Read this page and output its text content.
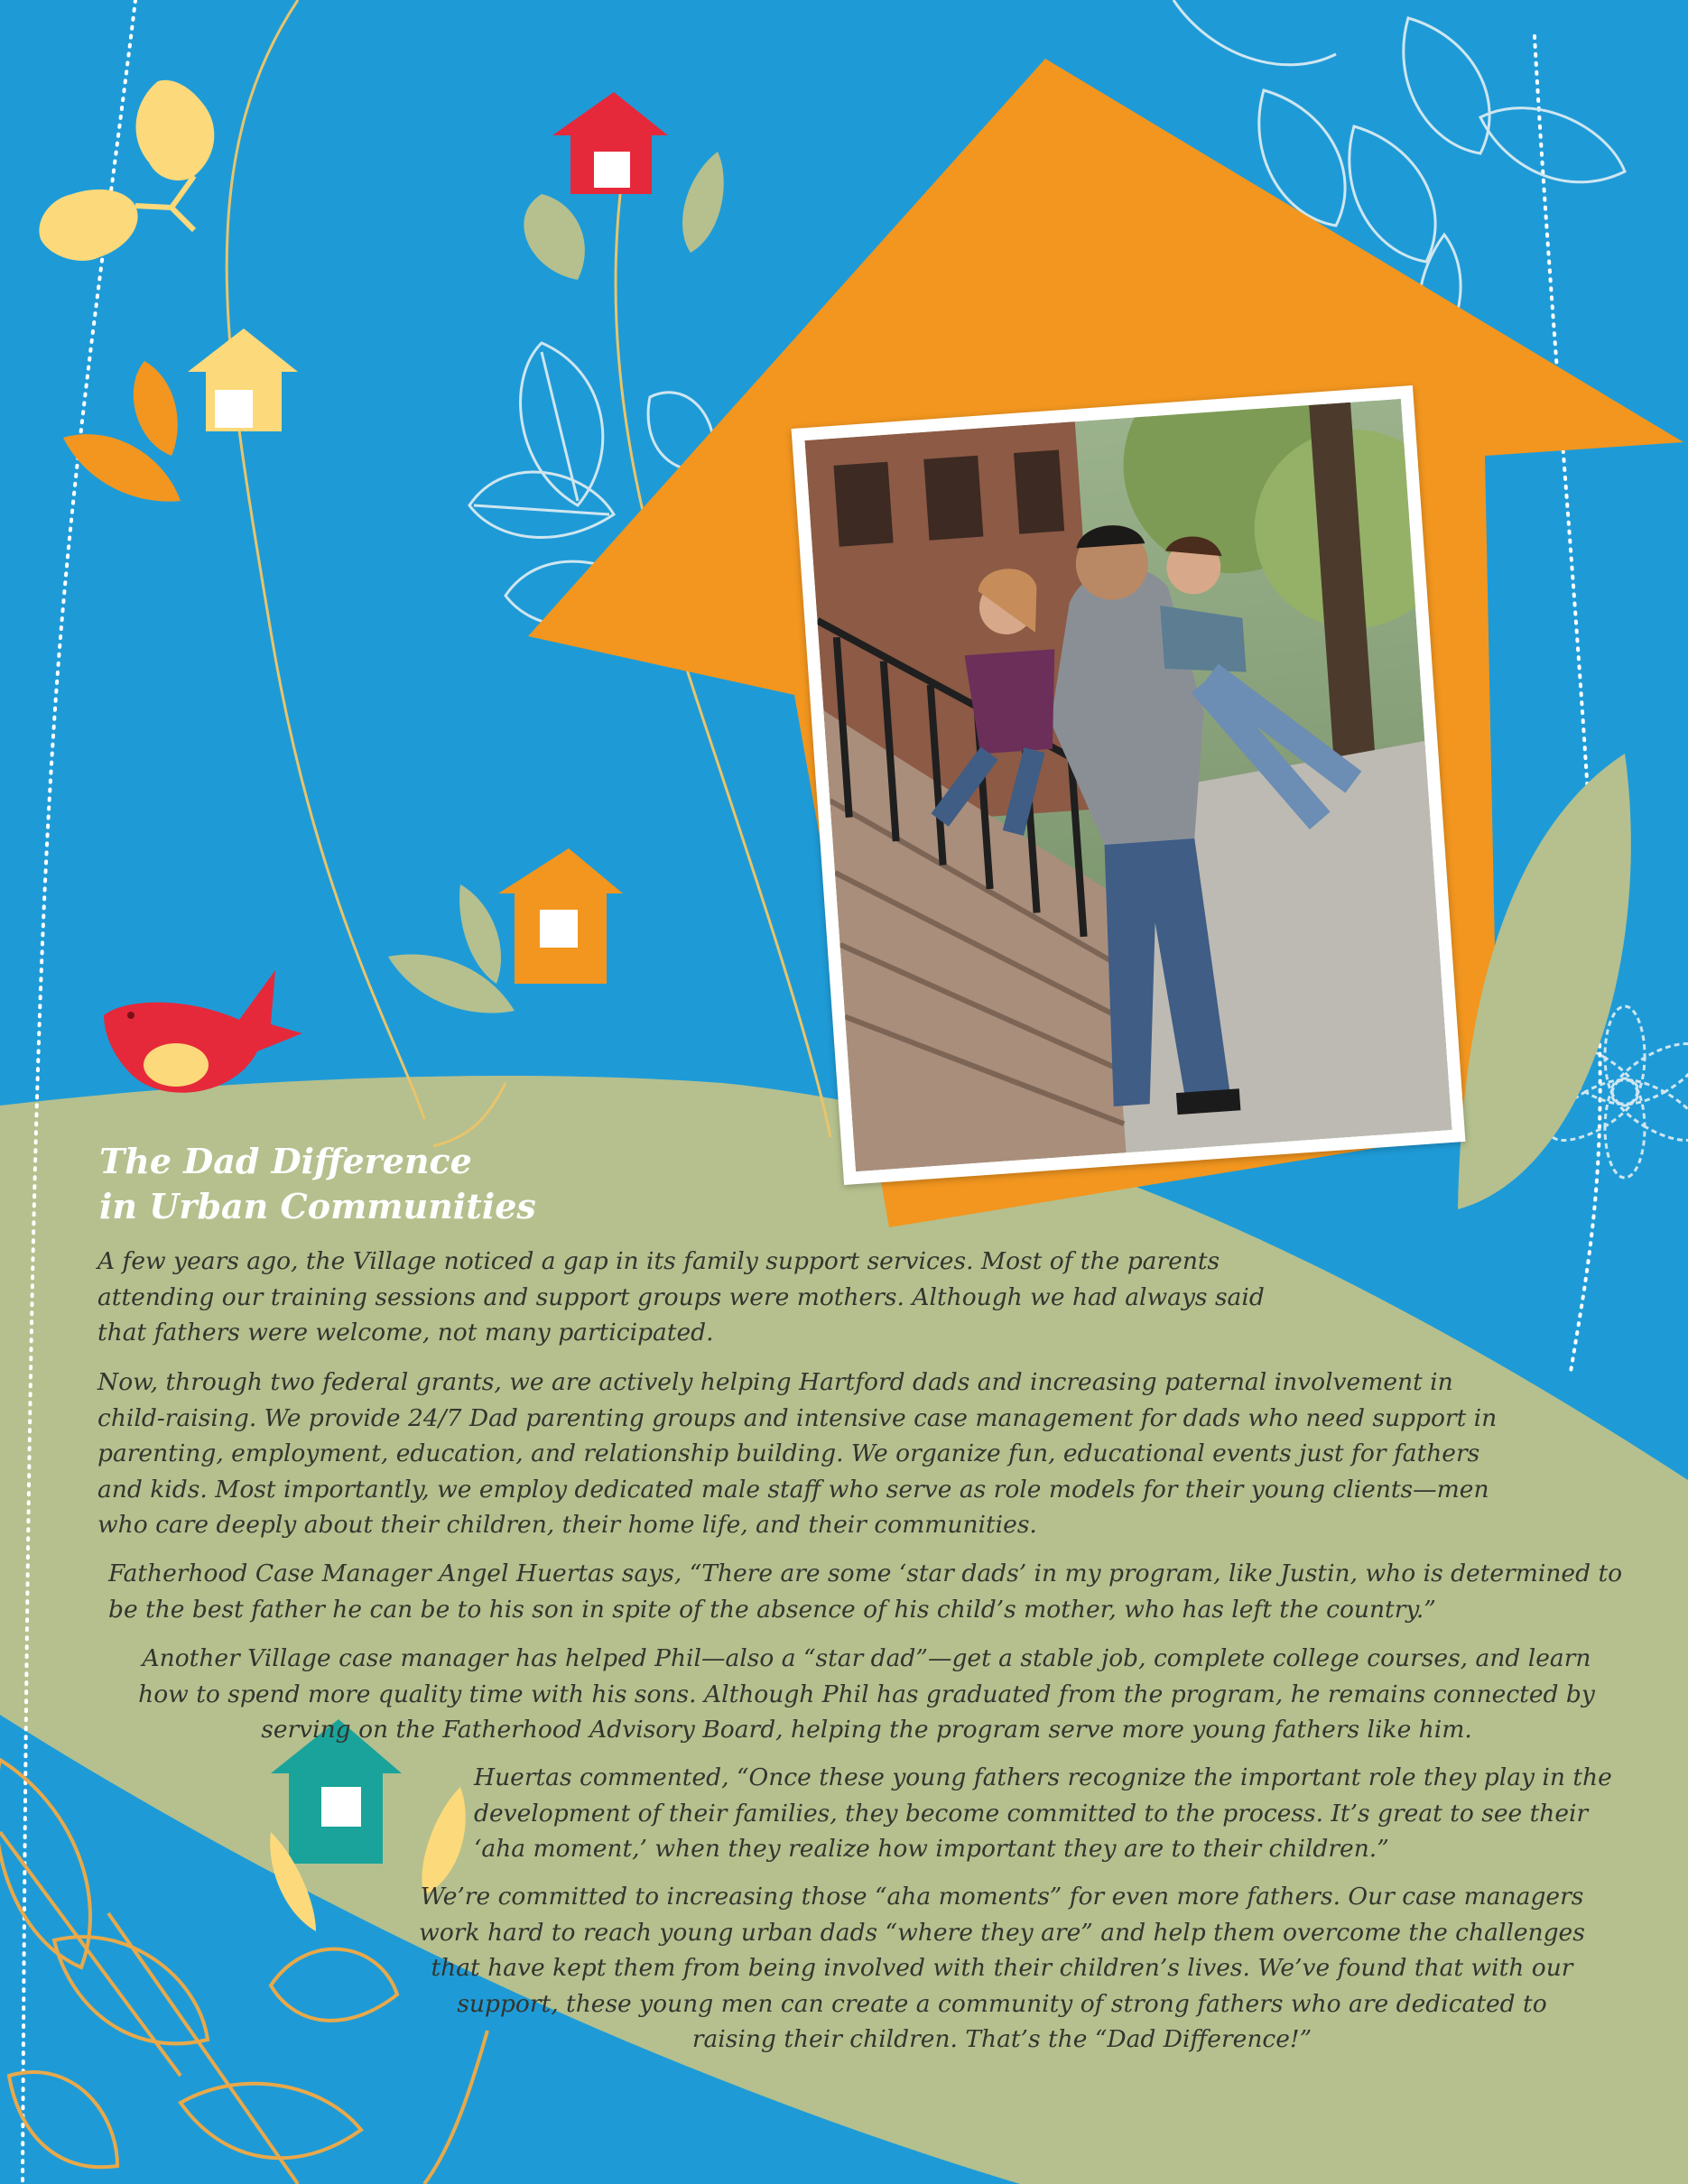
The Dad Difference
in Urban Communities

A few years ago, the Village noticed a gap in its family support services. Most of the parents attending our training sessions and support groups were mothers. Although we had always said that fathers were welcome, not many participated.

Now, through two federal grants, we are actively helping Hartford dads and increasing paternal involvement in child-raising. We provide 24/7 Dad parenting groups and intensive case management for dads who need support in parenting, employment, education, and relationship building. We organize fun, educational events just for fathers and kids. Most importantly, we employ dedicated male staff who serve as role models for their young clients—men who care deeply about their children, their home life, and their communities.

Fatherhood Case Manager Angel Huertas says, “There are some ‘star dads’ in my program, like Justin, who is determined to be the best father he can be to his son in spite of the absence of his child’s mother, who has left the country.”

Another Village case manager has helped Phil—also a “star dad”—get a stable job, complete college courses, and learn how to spend more quality time with his sons. Although Phil has graduated from the program, he remains connected by serving on the Fatherhood Advisory Board, helping the program serve more young fathers like him.

Huertas commented, “Once these young fathers recognize the important role they play in the development of their families, they become committed to the process. It’s great to see their ‘aha moment,’ when they realize how important they are to their children.”

We’re committed to increasing those “aha moments” for even more fathers. Our case managers work hard to reach young urban dads “where they are” and help them overcome the challenges that have kept them from being involved with their children’s lives. We’ve found that with our support, these young men can create a community of strong fathers who are dedicated to raising their children. That’s the “Dad Difference!”
